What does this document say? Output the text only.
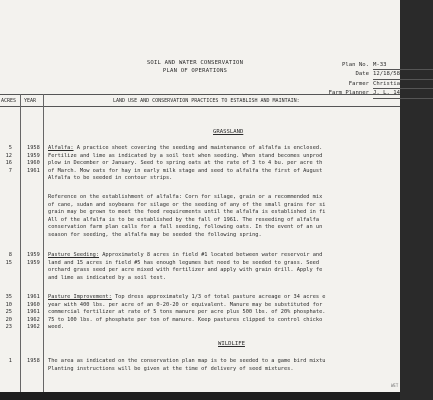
SOIL AND WATER CONSERVATION
PLAN OF OPERATIONS
Plan No. M-33
Date 12/18/58
Farmer Christian
Farm Planner J. L. 14
ACRES YEAR	LAND USE AND CONSERVATION PRACTICES TO ESTABLISH AND MAINTAIN:
GRASSLAND
WILDLIFE
WET
5	1958 Alfalfa: A practice sheet covering the seeding and maintenance of alfalfa is enclosed.
12	1959 Fertilize and lime as indicated by a soil test when seeding. When stand becomes unprod
16	1960 plow in December or January. Seed to spring oats at the rate of 3 to 4 bu. per acre th
7	1961 of March. Mow oats for hay in early milk stage and seed to alfalfa the first of August
Alfalfa to be seeded in contour strips.
Reference on the establishment of alfalfa: Corn for silage, grain or a recommended mix
of cane, sudan and soybeans for silage or the seeding of any of the small grains for si
grain may be grown to meet the feed requirements until the alfalfa is established in fi
All of the alfalfa is to be established by the fall of 1961. The reseeding of alfalfa
conservation farm plan calls for a fall seeding, following oats. In the event of an un
season for seeding, the alfalfa may be seeded the following spring.
8	1959 Pasture Seeding: Approximately 8 acres in field #1 located between water reservoir and
15	1959 land and 15 acres in field #5 has enough legumes but need to be seeded to grass. Seed
orchard grass seed per acre mixed with fertilizer and apply with grain drill. Apply fe
and lime as indicated by a soil test.
35	1961 Pasture Improvement: Top dress approximately 1/3 of total pasture acreage or 34 acres e
10	1960 year with 400 lbs. per acre of an 0-20-20 or equivalent. Manure may be substituted for
25	1961 commercial fertilizer at rate of 5 tons manure per acre plus 500 lbs. of 20% phosphate.
20	1962 75 to 100 lbs. of phosphate per ton of manure. Keep pastures clipped to control chicko
23	1962 weed.
1	1958 The area as indicated on the conservation plan map is to be seeded to a game bird mixtu
Planting instructions will be given at the time of delivery of seed mixtures.
